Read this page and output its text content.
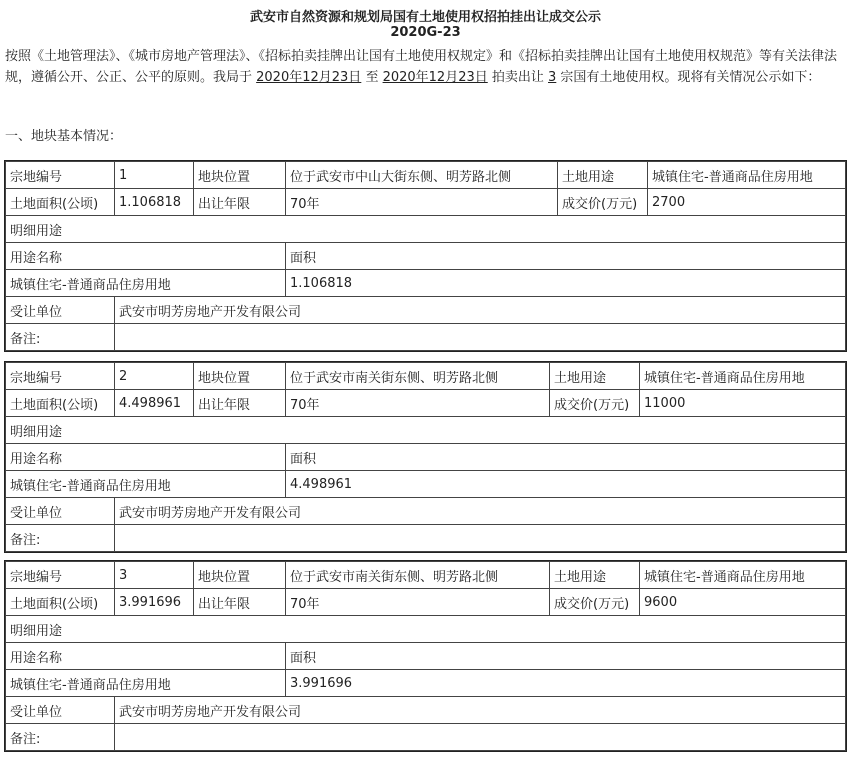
武安市自然资源和规划局国有土地使用权招拍挂出让成交公示
2020G-23
按照《土地管理法》、《城市房地产管理法》、《招标拍卖挂牌出让国有土地使用权规定》和《招标拍卖挂牌出让国有土地使用权规范》等有关法律法规，遵循公开、公正、公平的原则。我局于 2020年12月23日 至 2020年12月23日 拍卖出让 3 宗国有土地使用权。现将有关情况公示如下：
一、地块基本情况：
宗地编号	1	地块位置	位于武安市中山大街东侧、明芳路北侧	土地用途	城镇住宅-普通商品住房用地
土地面积(公顷)	1.106818	出让年限	70年	成交价(万元)	2700
明细用途					
用途名称			面积		
城镇住宅-普通商品住房用地			1.106818		
受让单位	武安市明芳房地产开发有限公司				
备注:					
宗地编号	2	地块位置	位于武安市南关街东侧、明芳路北侧	土地用途	城镇住宅-普通商品住房用地
土地面积(公顷)	4.498961	出让年限	70年	成交价(万元)	11000
明细用途					
用途名称			面积		
城镇住宅-普通商品住房用地			4.498961		
受让单位	武安市明芳房地产开发有限公司				
备注:					
宗地编号	3	地块位置	位于武安市南关街东侧、明芳路北侧	土地用途	城镇住宅-普通商品住房用地
土地面积(公顷)	3.991696	出让年限	70年	成交价(万元)	9600
明细用途					
用途名称			面积		
城镇住宅-普通商品住房用地			3.991696		
受让单位	武安市明芳房地产开发有限公司				
备注:					
